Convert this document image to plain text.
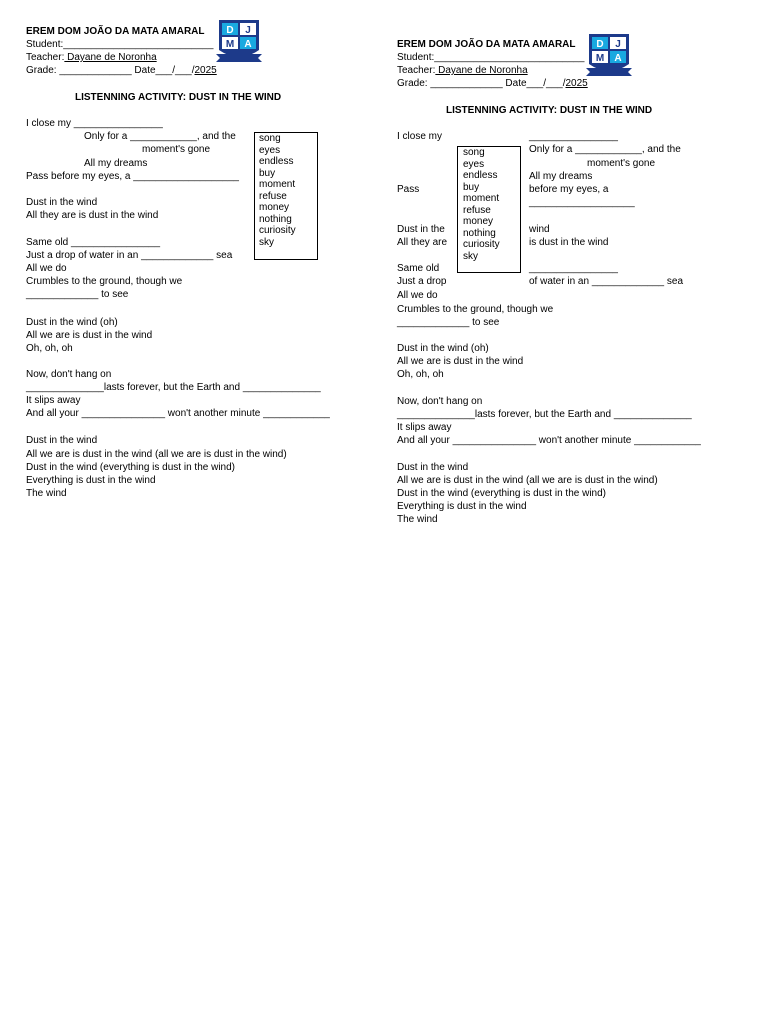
EREM DOM JOÃO DA MATA AMARAL
Student:___________________________
Teacher: Dayane de Noronha
Grade: _____________ Date___/___/2025
D J
M A
LISTENNING ACTIVITY: DUST IN THE WIND
I close my ________________
Only for a ____________, and the
moment's gone
All my dreams
Pass before my eyes, a ___________________
Dust in the wind
All they are is dust in the wind
Same old ________________
Just a drop of water in an _____________ sea
All we do
Crumbles to the ground, though we
_____________ to see
Dust in the wind (oh)
All we are is dust in the wind
Oh, oh, oh
Now, don't hang on
______________lasts forever, but the Earth and ______________
It slips away
And all your _______________ won't another minute ____________
Dust in the wind
All we are is dust in the wind (all we are is dust in the wind)
Dust in the wind (everything is dust in the wind)
Everything is dust in the wind
The wind
song
eyes
endless
buy
moment
refuse
money
nothing
curiosity
sky
EREM DOM JOÃO DA MATA AMARAL
Student:___________________________
Teacher: Dayane de Noronha
Grade: _____________ Date___/___/2025
D J
M A
LISTENNING ACTIVITY: DUST IN THE WIND
I close my	________________
Only for a ____________, and the
moment's gone
All my dreams
Pass	before my eyes, a
___________________
Dust in the	wind
All they are	is dust in the wind
Same old	________________
Just a drop	of water in an _____________ sea
All we do
Crumbles to the ground, though we
_____________ to see
Dust in the wind (oh)
All we are is dust in the wind
Oh, oh, oh
Now, don't hang on
______________lasts forever, but the Earth and ______________
It slips away
And all your _______________ won't another minute ____________
Dust in the wind
All we are is dust in the wind (all we are is dust in the wind)
Dust in the wind (everything is dust in the wind)
Everything is dust in the wind
The wind
song
eyes
endless
buy
moment
refuse
money
nothing
curiosity
sky
